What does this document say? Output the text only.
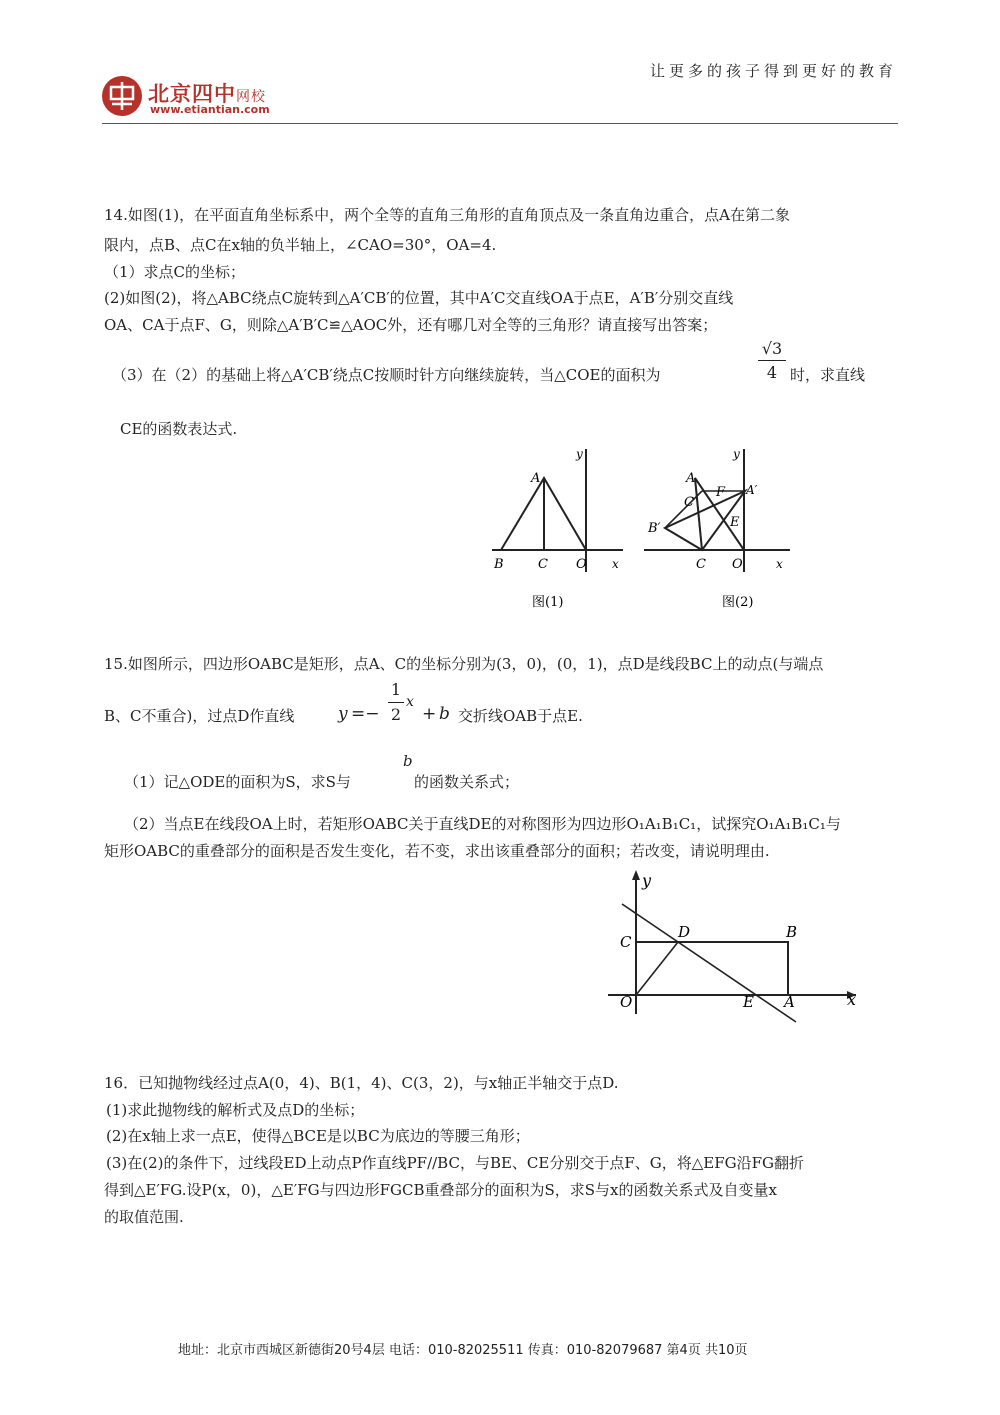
北京四中网校
www.etiantian.com
让更多的孩子得到更好的教育
14.如图(1)，在平面直角坐标系中，两个全等的直角三角形的直角顶点及一条直角边重合，点A在第二象
限内，点B、点C在x轴的负半轴上，∠CAO=30°，OA=4.
（1）求点C的坐标；
(2)如图(2)，将△ABC绕点C旋转到△A′CB′的位置，其中A′C交直线OA于点E，A′B′分别交直线
OA、CA于点F、G，则除△A′B′C≌△AOC外，还有哪几对全等的三角形？请直接写出答案；
（3）在（2）的基础上将△A′CB′绕点C按顺时针方向继续旋转，当△COE的面积为	$\frac{√3}{4}$ 时，求直线
CE的函数表达式.
A
B	C O x
y
图(1)
A
A′
B′
C
F
E
C O	x
y
图(2)
15.如图所示，四边形OABC是矩形，点A、C的坐标分别为(3，0)，(0，1)，点D是线段BC上的动点(与端点
B、C不重合)，过点D作直线	$y =- \frac{1}{2}$ x
+ b 交折线OAB于点E.
（1）记△ODE的面积为S，求S与
b
的函数关系式；
（2）当点E在线段OA上时，若矩形OABC关于直线DE的对称图形为四边形O₁A₁B₁C₁，试探究O₁A₁B₁C₁与
矩形OABC的重叠部分的面积是否发生变化，若不变，求出该重叠部分的面积；若改变，请说明理由.
y
x
C
D	B
O	E A
16．已知抛物线经过点A(0，4)、B(1，4)、C(3，2)，与x轴正半轴交于点D.
(1)求此抛物线的解析式及点D的坐标；
(2)在x轴上求一点E，使得△BCE是以BC为底边的等腰三角形；
(3)在(2)的条件下，过线段ED上动点P作直线PF//BC，与BE、CE分别交于点F、G，将△EFG沿FG翻折
得到△E′FG.设P(x，0)，△E′FG与四边形FGCB重叠部分的面积为S，求S与x的函数关系式及自变量x
的取值范围.
地址：北京市西城区新德街20号4层 电话：010-82025511 传真：010-82079687 第4页 共10页
